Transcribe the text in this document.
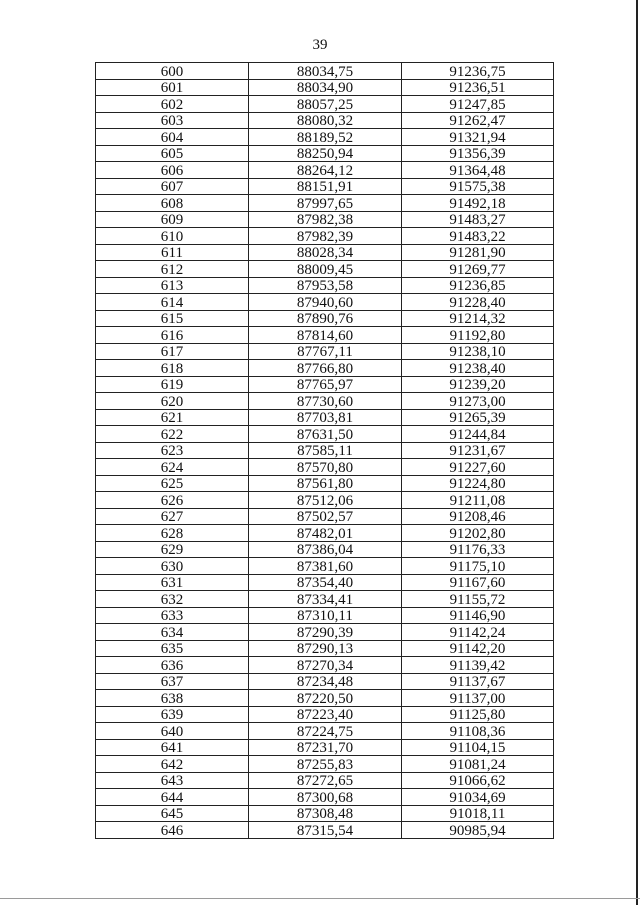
39
600	88034,75	91236,75
601	88034,90	91236,51
602	88057,25	91247,85
603	88080,32	91262,47
604	88189,52	91321,94
605	88250,94	91356,39
606	88264,12	91364,48
607	88151,91	91575,38
608	87997,65	91492,18
609	87982,38	91483,27
610	87982,39	91483,22
611	88028,34	91281,90
612	88009,45	91269,77
613	87953,58	91236,85
614	87940,60	91228,40
615	87890,76	91214,32
616	87814,60	91192,80
617	87767,11	91238,10
618	87766,80	91238,40
619	87765,97	91239,20
620	87730,60	91273,00
621	87703,81	91265,39
622	87631,50	91244,84
623	87585,11	91231,67
624	87570,80	91227,60
625	87561,80	91224,80
626	87512,06	91211,08
627	87502,57	91208,46
628	87482,01	91202,80
629	87386,04	91176,33
630	87381,60	91175,10
631	87354,40	91167,60
632	87334,41	91155,72
633	87310,11	91146,90
634	87290,39	91142,24
635	87290,13	91142,20
636	87270,34	91139,42
637	87234,48	91137,67
638	87220,50	91137,00
639	87223,40	91125,80
640	87224,75	91108,36
641	87231,70	91104,15
642	87255,83	91081,24
643	87272,65	91066,62
644	87300,68	91034,69
645	87308,48	91018,11
646	87315,54	90985,94
